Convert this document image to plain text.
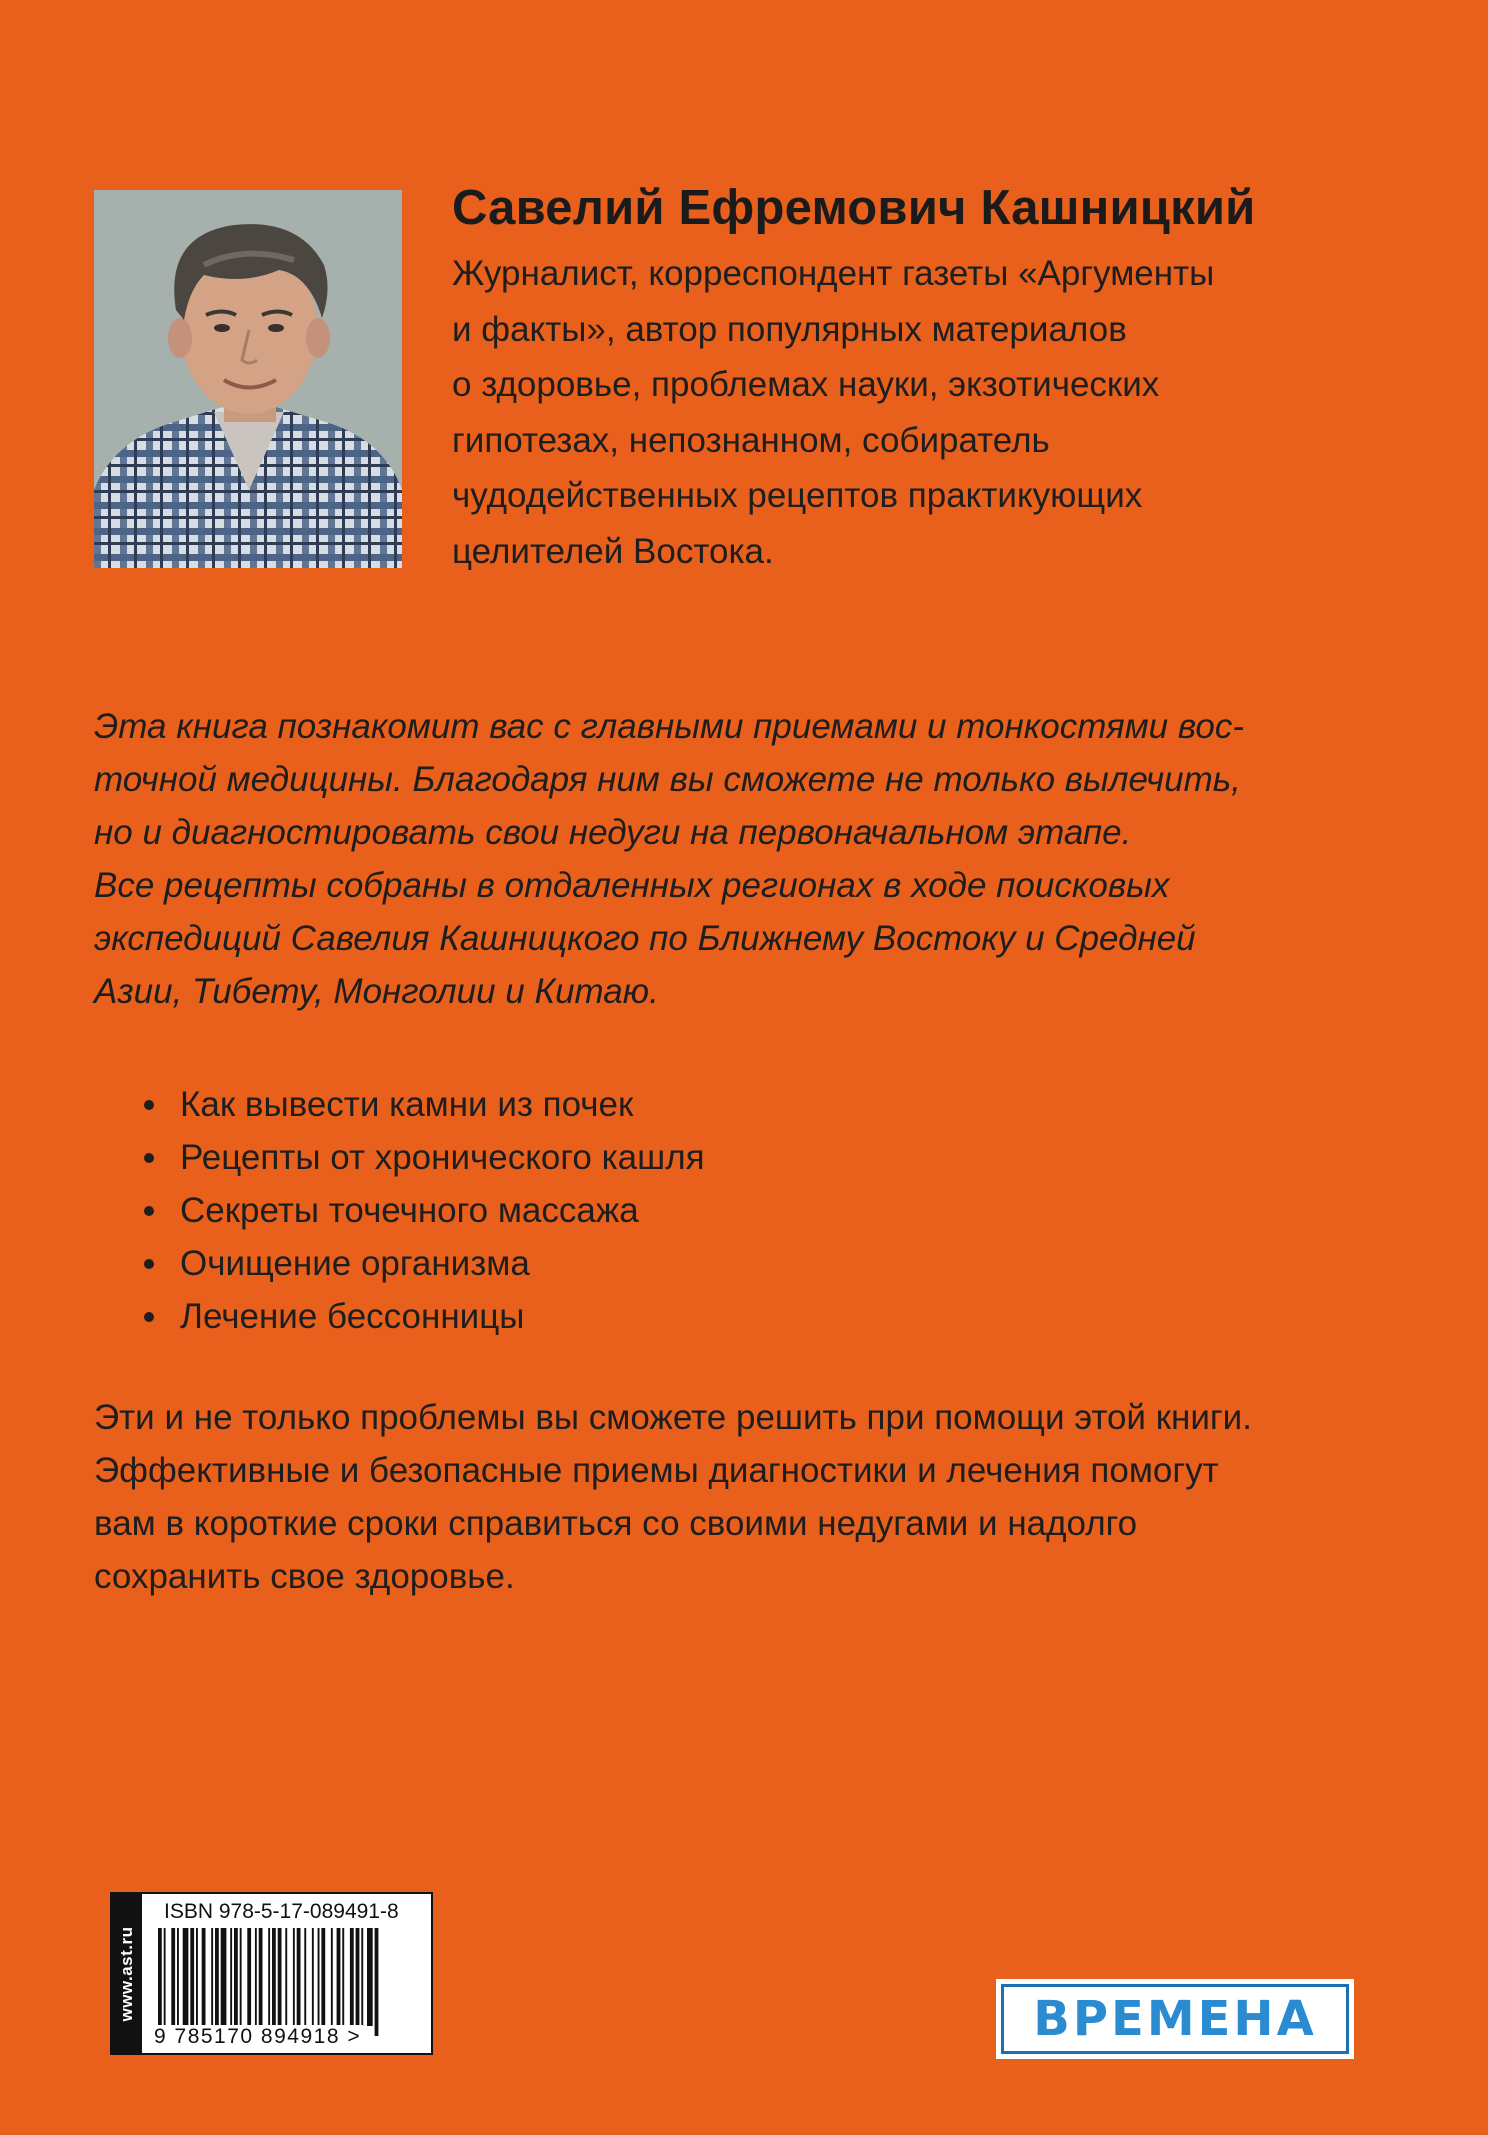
Савелий Ефремович Кашницкий
Журналист, корреспондент газеты «Аргументы
и факты», автор популярных материалов
о здоровье, проблемах науки, экзотических
гипотезах, непознанном, собиратель
чудодейственных рецептов практикующих
целителей Востока.
Эта книга познакомит вас с главными приемами и тонкостями вос-
точной медицины. Благодаря ним вы сможете не только вылечить,
но и диагностировать свои недуги на первоначальном этапе.
Все рецепты собраны в отдаленных регионах в ходе поисковых
экспедиций Савелия Кашницкого по Ближнему Востоку и Средней
Азии, Тибету, Монголии и Китаю.
Как вывести камни из почек
Рецепты от хронического кашля
Секреты точечного массажа
Очищение организма
Лечение бессонницы
Эти и не только проблемы вы сможете решить при помощи этой книги.
Эффективные и безопасные приемы диагностики и лечения помогут
вам в короткие сроки справиться со своими недугами и надолго
сохранить свое здоровье.
www.ast.ru
ISBN 978-5-17-089491-8
9 785170 894918 >	ВРЕМЕНА
